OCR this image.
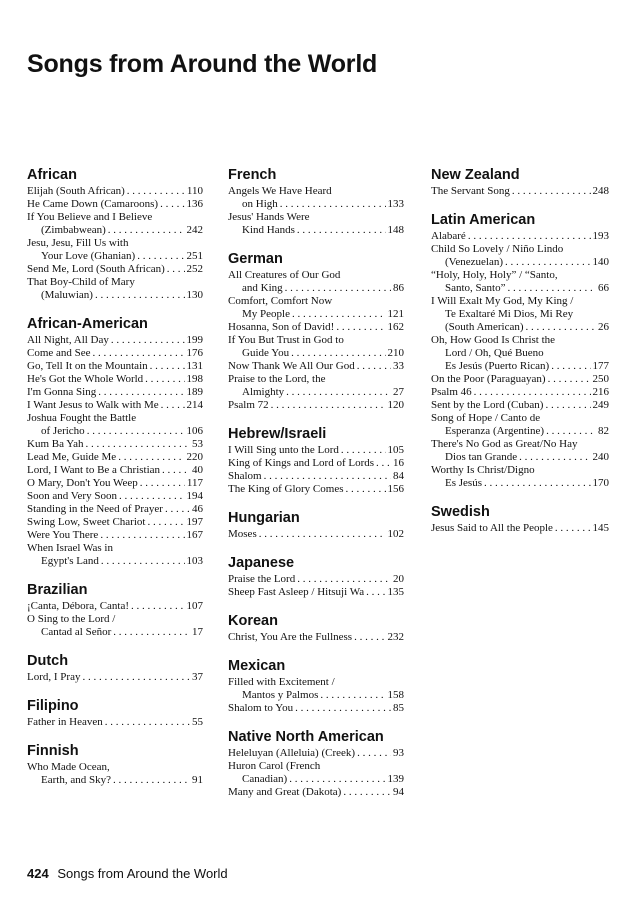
Songs from Around the World
African
Elijah (South African) . . .	110
He Came Down (Camaroons) . . .	136
If You Believe and I Believe
(Zimbabwean) . . .	242
Jesu, Jesu, Fill Us with
Your Love (Ghanian) . . .	251
Send Me, Lord (South African) . . . 252
That Boy-Child of Mary
(Maluwian) . . .	130
African-American
All Night, All Day . . .	199
Come and See . . .	176
Go, Tell It on the Mountain . . .	131
He's Got the Whole World . . .	198
I'm Gonna Sing . . .	189
I Want Jesus to Walk with Me . . .	214
Joshua Fought the Battle
of Jericho . . .	106
Kum Ba Yah . . .	53
Lead Me, Guide Me . . .	220
Lord, I Want to Be a Christian . . .	40
O Mary, Don't You Weep . . .	117
Soon and Very Soon . . .	194
Standing in the Need of Prayer . . .	46
Swing Low, Sweet Chariot . . .	197
Were You There . . .	167
When Israel Was in
Egypt's Land . . .	103
Brazilian
¡Canta, Débora, Canta! . . .	107
O Sing to the Lord /
Cantad al Señor . . .	17
Dutch
Lord, I Pray . . .	37
Filipino
Father in Heaven . . .	55
Finnish
Who Made Ocean,
Earth, and Sky? . . .	91
French
Angels We Have Heard
on High . . .	133
Jesus' Hands Were
Kind Hands . . .	148
German
All Creatures of Our God
and King . . .	86
Comfort, Comfort Now
My People . . .	121
Hosanna, Son of David! . . .	162
If You But Trust in God to
Guide You . . .	210
Now Thank We All Our God . . .	33
Praise to the Lord, the
Almighty . . .	27
Psalm 72 . . .	120
Hebrew/Israeli
I Will Sing unto the Lord . . .	105
King of Kings and Lord of Lords . . . 16
Shalom . . .	84
The King of Glory Comes . . .	156
Hungarian
Moses . . .	102
Japanese
Praise the Lord . . .	20
Sheep Fast Asleep / Hitsuji Wa . . . 135
Korean
Christ, You Are the Fullness . . .	232
Mexican
Filled with Excitement /
Mantos y Palmos . . .	158
Shalom to You . . .	85
Native North American
Heleluyan (Alleluia) (Creek) . . .	93
Huron Carol (French
Canadian) . . .	139
Many and Great (Dakota) . . .	94
New Zealand
The Servant Song . . .	248
Latin American
Alabaré . . .	193
Child So Lovely / Niño Lindo
(Venezuelan) . . .	140
“Holy, Holy, Holy” / “Santo,
Santo, Santo” . . .	66
I Will Exalt My God, My King /
Te Exaltaré Mi Dios, Mi Rey
(South American) . . .	26
Oh, How Good Is Christ the
Lord / Oh, Qué Bueno
Es Jesús (Puerto Rican) . . .	177
On the Poor (Paraguayan) . . .	250
Psalm 46 . . .	216
Sent by the Lord (Cuban) . . .	249
Song of Hope / Canto de
Esperanza (Argentine) . . .	82
There's No God as Great/No Hay
Dios tan Grande . . .	240
Worthy Is Christ/Digno
Es Jesús . . .	170
Swedish
Jesus Said to All the People . . .	145
424 Songs from Around the World
